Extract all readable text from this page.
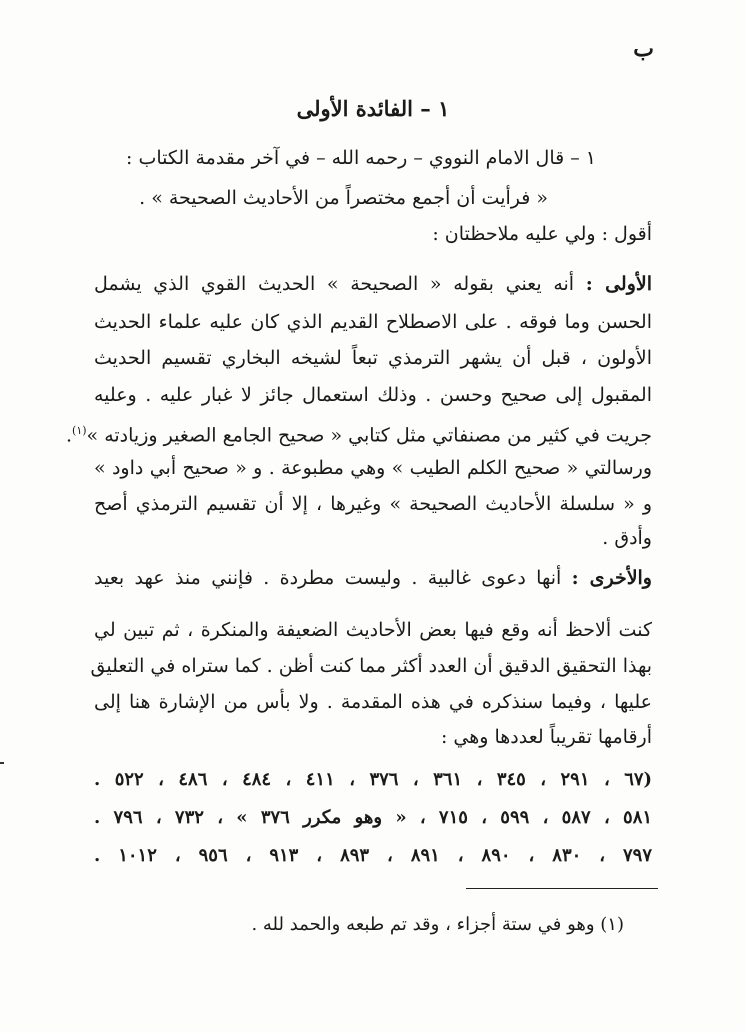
ب
١ – الفائدة الأولى
١ – قال الامام النووي – رحمه الله – في آخر مقدمة الكتاب :
« فرأيت أن أجمع مختصراً من الأحاديث الصحيحة » .
أقول : ولي عليه ملاحظتان :
الأولى : أنه يعني بقوله « الصحيحة » الحديث القوي الذي يشمل
الحسن وما فوقه . على الاصطلاح القديم الذي كان عليه علماء الحديث
الأولون ، قبل أن يشهر الترمذي تبعاً لشيخه البخاري تقسيم الحديث
المقبول إلى صحيح وحسن . وذلك استعمال جائز لا غبار عليه . وعليه
جريت في كثير من مصنفاتي مثل كتابي « صحيح الجامع الصغير وزيادته »$^{(١)}$.
ورسالتي « صحيح الكلم الطيب » وهي مطبوعة . و « صحيح أبي داود »
و « سلسلة الأحاديث الصحيحة » وغيرها ، إلا أن تقسيم الترمذي أصح
وأدق .
والأخرى : أنها دعوى غالبية . وليست مطردة . فإنني منذ عهد بعيد
كنت ألاحظ أنه وقع فيها بعض الأحاديث الضعيفة والمنكرة ، ثم تبين لي
بهذا التحقيق الدقيق أن العدد أكثر مما كنت أظن . كما ستراه في التعليق
عليها ، وفيما سنذكره في هذه المقدمة . ولا بأس من الإشارة هنا إلى
أرقامها تقريباً لعددها وهي :
(٦٧ ، ٢٩١ ، ٣٤٥ ، ٣٦١ ، ٣٧٦ ، ٤١١ ، ٤٨٤ ، ٤٨٦ ، ٥٢٢ .
٥٨١ ، ٥٨٧ ، ٥٩٩ ، ٧١٥ ، « وهو مكرر ٣٧٦ » ، ٧٣٢ ، ٧٩٦ .
٧٩٧ ، ٨٣٠ ، ٨٩٠ ، ٨٩١ ، ٨٩٣ ، ٩١٣ ، ٩٥٦ ، ١٠١٢ .
(١) وهو في ستة أجزاء ، وقد تم طبعه والحمد لله .
